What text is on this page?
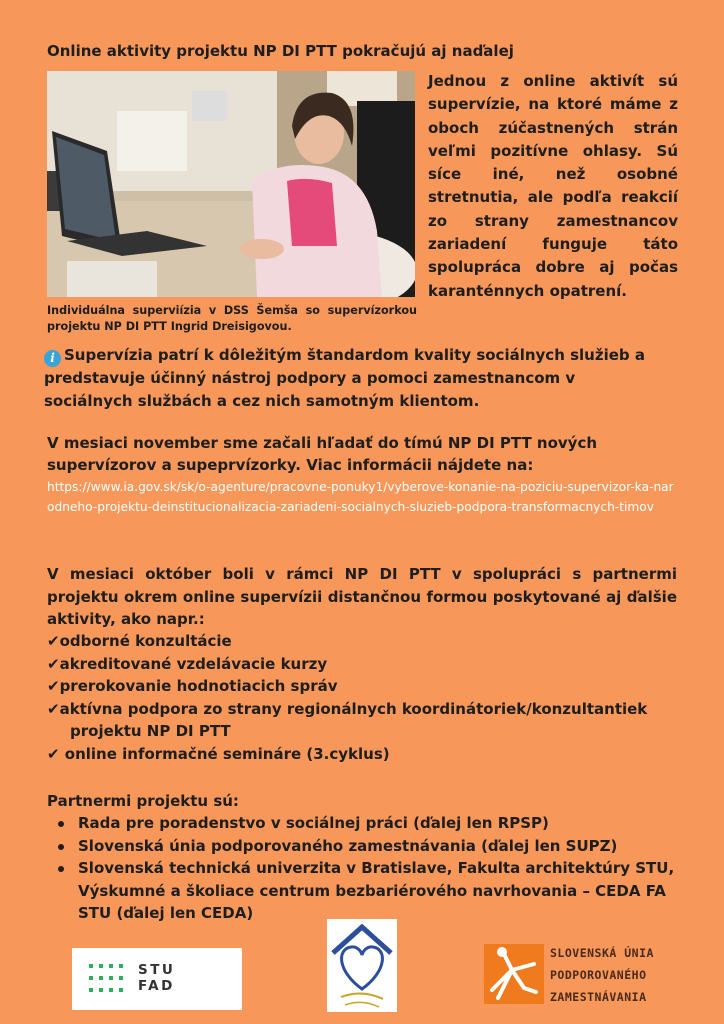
Online aktivity projektu NP DI PTT pokračujú aj naďalej
Individuálna superviízia v DSS Šemša so supervízorkou projektu NP DI PTT Ingrid Dreisigovou.

Jednou z online aktivít sú supervízie, na ktoré máme z oboch zúčastnených strán veľmi pozitívne ohlasy. Sú síce iné, než osobné stretnutia, ale podľa reakcií zo strany zamestnancov zariadení funguje táto spolupráca dobre aj počas karanténnych opatrení.

i Supervízia patrí k dôležitým štandardom kvality sociálnych služieb a predstavuje účinný nástroj podpory a pomoci zamestnancom v sociálnych službách a cez nich samotným klientom.

V mesiaci november sme začali hľadať do tímú NP DI PTT nových supervízorov a supeprvízorky. Viac informácii nájdete na:

https://www.ia.gov.sk/sk/o-agenture/pracovne-ponuky1/vyberove-konanie-na-poziciu-supervizor-ka-narodneho-projektu-deinstitucionalizacia-zariadeni-socialnych-sluzieb-podpora-transformacnych-timov

V mesiaci október boli v rámci NP DI PTT v spolupráci s partnermi projektu okrem online supervízii distančnou formou poskytované aj ďalšie aktivity, ako napr.:

✔odborné konzultácie
✔akreditované vzdelávacie kurzy
✔prerokovanie hodnotiacich správ
✔aktívna podpora zo strany regionálnych koordinátoriek/konzultantiek
projektu NP DI PTT
✔ online informačné semináre (3.cyklus)

Partnermi projektu sú:

Rada pre poradenstvo v sociálnej práci (ďalej len RPSP)
Slovenská únia podporovaného zamestnávania (ďalej len SUPZ)
Slovenská technická univerzita v Bratislave, Fakulta architektúry STU, Výskumné a školiace centrum bezbariérového navrhovania – CEDA FA STU (ďalej len CEDA)
STU
FAD
SLOVENSKÁ ÚNIA
PODPOROVANÉHO
ZAMESTNÁVANIA
